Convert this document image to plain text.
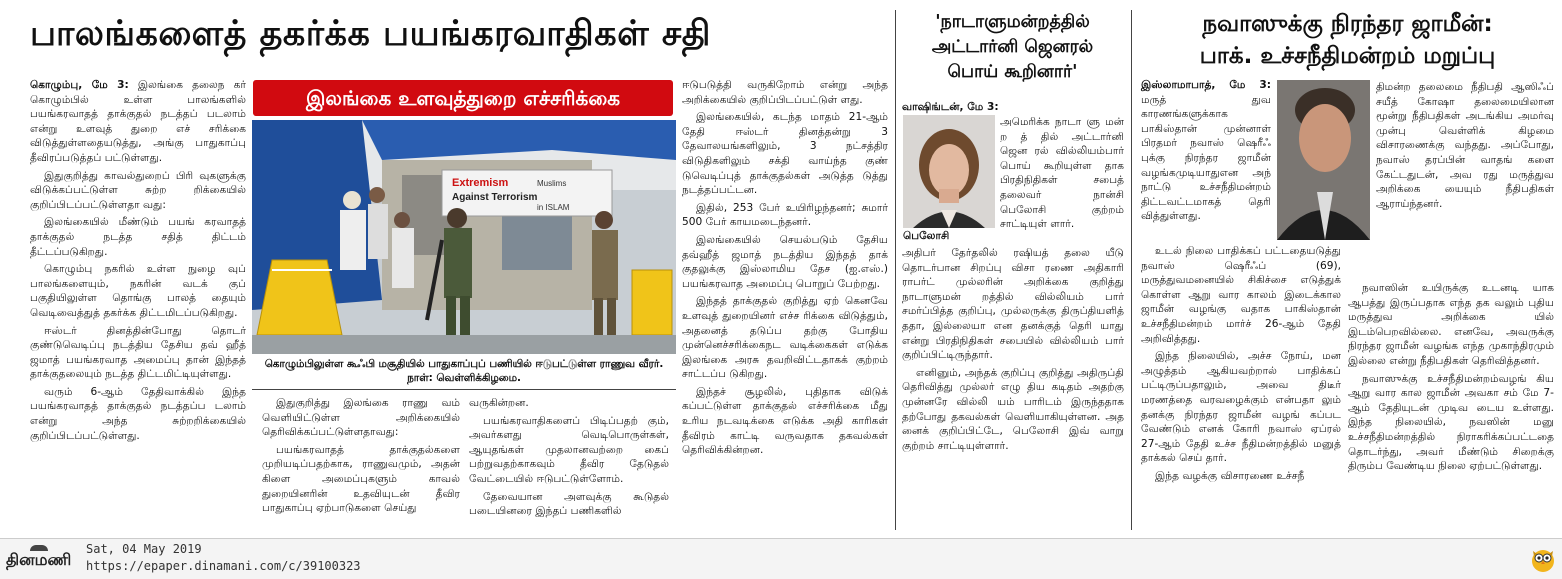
பாலங்களைத் தகர்க்க பயங்கரவாதிகள் சதி
இலங்கை உளவுத்துறை எச்சரிக்கை
Extremism
Against Terrorism
Muslims
in ISLAM
கொழும்பிலுள்ள கூஃபி மசூதியில் பாதுகாப்புப் பணியில் ஈடுபட்டுள்ள ராணுவ வீரர். நாள்: வெள்ளிக்கிழமை.

கொழும்பு, மே 3: இலங்கை தலைந கர் கொழும்பில் உள்ள பாலங்களில் பயங்கரவாதத் தாக்குதல் நடத்தப் படலாம் என்று உளவுத் துறை எச் சரிக்கை விடுத்துள்ளதையடுத்து, அங்கு பாதுகாப்பு தீவிரப்படுத்தப் பட்டுள்ளது.

இதுகுறித்து காவல்துறைப் பிரி வுகளுக்கு விடுக்கப்பட்டுள்ள சுற்ற றிக்கையில் குறிப்பிடப்பட்டுள்ளதா வது:

இலங்கையில் மீண்டும் பயங் கரவாதத் தாக்குதல் நடத்த சதித் திட்டம் தீட்டப்படுகிறது.

கொழும்பு நகரில் உள்ள நுழை வுப் பாலங்களையும், நகரின் வடக் குப் பகுதியிலுள்ள தொங்கு பாலத் தையும் வெடிவைத்துத் தகர்க்க திட்டமிடப்படுகிறது.

ஈஸ்டர் தினத்தின்போது தொடர் குண்டுவெடிப்பு நடத்திய தேசிய தவ் ஹீத் ஜமாத் பயங்கரவாத அமைப்பு தான் இந்தத் தாக்குதலையும் நடத்த திட்டமிட்டியுள்ளது.

வரும் 6-ஆம் தேதிவாக்கில் இந்த பயங்கரவாதத் தாக்குதல் நடத்தப்ப டலாம் என்று அந்த சுற்றறிக்கையில் குறிப்பிடப்பட்டுள்ளது.

இதுகுறித்து இலங்கை ராணு வம் வெளியிட்டுள்ள அறிக்கையில் தெரிவிக்கப்பட்டுள்ளதாவது:

பயங்கரவாதத் தாக்குதல்களை முறியடிப்பதற்காக, ராணுவமும், அதன் கிளை அமைப்புகளும் காவல் துறையினரின் உதவியுடன் தீவிர பாதுகாப்பு ஏற்பாடுகளை செய்து

வருகின்றன.

பயங்கரவாதிகளைப் பிடிப்பதற் கும், அவர்களது வெடிபொருள்கள், ஆயுதங்கள் முதலானவற்றை கைப் பற்றுவதற்காகவும் தீவிர தேடுதல் வேட்டையில் ஈடுபட்டுள்ளோம்.

தேவையான அளவுக்கு கூடுதல் படையினரை இந்தப் பணிகளில்

ஈடுபடுத்தி வருகிறோம் என்று அந்த அறிக்கையில் குறிப்பிடப்பட்டுள் ளது.

இலங்கையில், கடந்த மாதம் 21-ஆம் தேதி ஈஸ்டர் தினத்தன்று 3 தேவாலயங்களிலும், 3 நட்சத்திர விடுதிகளிலும் சக்தி வாய்ந்த குண் டுவெடிப்புத் தாக்குதல்கள் அடுத்த டுத்து நடத்தப்பட்டன.

இதில், 253 பேர் உயிரிழந்தனர்; சுமார் 500 பேர் காயமடைந்தனர்.

இலங்கையில் செயல்படும் தேசிய தவ்ஹீத் ஜமாத் நடத்திய இந்தத் தாக் குதலுக்கு இஸ்லாமிய தேச (ஐ.எஸ்.) பயங்கரவாத அமைப்பு பொறுப் பேற்றது.

இந்தத் தாக்குதல் குறித்து ஏற் கெனவே உளவுத் துறையினர் எச்ச ரிக்கை விடுத்தும், அதனைத் தடுப்ப தற்கு போதிய முன்னெச்சரிக்கைநட வடிக்கைகள் எடுக்க இலங்கை அரசு தவறிவிட்டதாகக் குற்றம் சாட்டப்ப டுகிறது.

இந்தச் சூழலில், புதிதாக விடுக் கப்பட்டுள்ள தாக்குதல் எச்சரிக்கை மீது உரிய நடவடிக்கை எடுக்க அதி காரிகள் தீவிரம் காட்டி வருவதாக தகவல்கள் தெரிவிக்கின்றன.

'நாடாளுமன்றத்தில்
அட்டார்னி ஜெனரல்
பொய் கூறினார்'

வாஷிங்டன், மே 3:

பெலோசி

அமெரிக்க நாடா ளு மன் ற த் தில் அட்டார்னி ஜென ரல் வில்லியம்பார் பொய் கூறியுள்ள தாக பிரதிநிதிகள் சபைத் தலைவர் நான்சி பெலோசி குற்றம் சாட்டியுள் ளார்.

அதிபர் தேர்தலில் ரஷியத் தலை யீடு தொடர்பான சிறப்பு விசா ரணை அதிகாரி ராபர்ட் முல்லரின் அறிக்கை குறித்து நாடாளுமன் றத்தில் வில்லியம் பார் சமர்ப்பித்த குறிப்பு, முல்லருக்கு திருப்தியளித் ததா, இல்லையா என தனக்குத் தெரி யாது என்று பிரதிநிதிகள் சபையில் வில்லியம் பார் குறிப்பிட்டிருந்தார்.

எனினும், அந்தக் குறிப்பு குறித்து அதிருப்தி தெரிவித்து முல்லர் எழு திய கடிதம் அதற்கு முன்னரே வில்லி யம் பாரிடம் இருந்ததாக தற்போது தகவல்கள் வெளியாகியுள்ளன. அத னைக் குறிப்பிட்டே, பெலோசி இவ் வாறு குற்றம் சாட்டியுள்ளார்.

நவாஸுக்கு நிரந்தர ஜாமீன்:
பாக். உச்சநீதிமன்றம் மறுப்பு

இஸ்லாமாபாத், மே 3: மருத் துவ காரணங்களுக்காக பாகிஸ்தான் முன்னாள் பிரதமர் நவாஸ் ஷெரீஃ புக்கு நிரந்தர ஜாமீன் வழங்கமுடியாதுஎன அந் நாட்டு உச்சநீதிமன்றம் திட்டவட்டமாகத் தெரி வித்துள்ளது.

உடல் நிலை பாதிக்கப் பட்டதையடுத்து நவாஸ் ஷெரீஃப் (69), மருத்துவமனையில் சிகிச்சை எடுத்துக் கொள்ள ஆறு வார காலம் இடைக்கால ஜாமீன் வழங்கு வதாக பாகிஸ்தான் உச்சநீதிமன்றம் மார்ச் 26-ஆம் தேதி அறிவித்தது.

இந்த நிலையில், அச்ச நோய், மன அழுத்தம் ஆகியவற்றால் பாதிக்கப் பட்டிருப்பதாலும், அவை திடீர் மரணத்தை வரவழைக்கும் என்பதா லும் தனக்கு நிரந்தர ஜாமீன் வழங் கப்பட வேண்டும் எனக் கோரி நவாஸ் ஏப்ரல் 27-ஆம் தேதி உச்ச நீதிமன்றத்தில் மனுத் தாக்கல் செய் தார்.

இந்த வழக்கு விசாரணை உச்சநீ

திமன்ற தலைமை நீதிபதி ஆஸிஃப் சயீத் கோஷா தலைமையிலான மூன்று நீதிபதிகள் அடங்கிய அமர்வு முன்பு வெள்ளிக் கிழமை விசாரணைக்கு வந்தது. அப்போது, நவாஸ் தரப்பின் வாதங் களை கேட்டதுடன், அவ ரது மருத்துவ அறிக்கை யையும் நீதிபதிகள் ஆராய்ந்தனர்.

நவாஸின் உயிருக்கு உடனடி யாக ஆபத்து இருப்பதாக எந்த தக வலும் புதிய மருத்துவ அறிக்கை யில் இடம்பெறவில்லை. எனவே, அவருக்கு நிரந்தர ஜாமீன் வழங்க எந்த முகாந்திரமும் இல்லை என்று நீதிபதிகள் தெரிவித்தனர்.

நவாஸுக்கு உச்சநீதிமன்றம்வழங் கிய ஆறு வார கால ஜாமீன் அவகா சம் மே 7-ஆம் தேதியுடன் முடிவ டைய உள்ளது. இந்த நிலையில், நவஸின் மனு உச்சநீதிமன்றத்தில் நிராகரிக்கப்பட்டதை தொடர்ந்து, அவர் மீண்டும் சிறைக்கு திரும்ப வேண்டிய நிலை ஏற்பட்டுள்ளது.

தினமணி
Sat, 04 May 2019
https://epaper.dinamani.com/c/39100323
